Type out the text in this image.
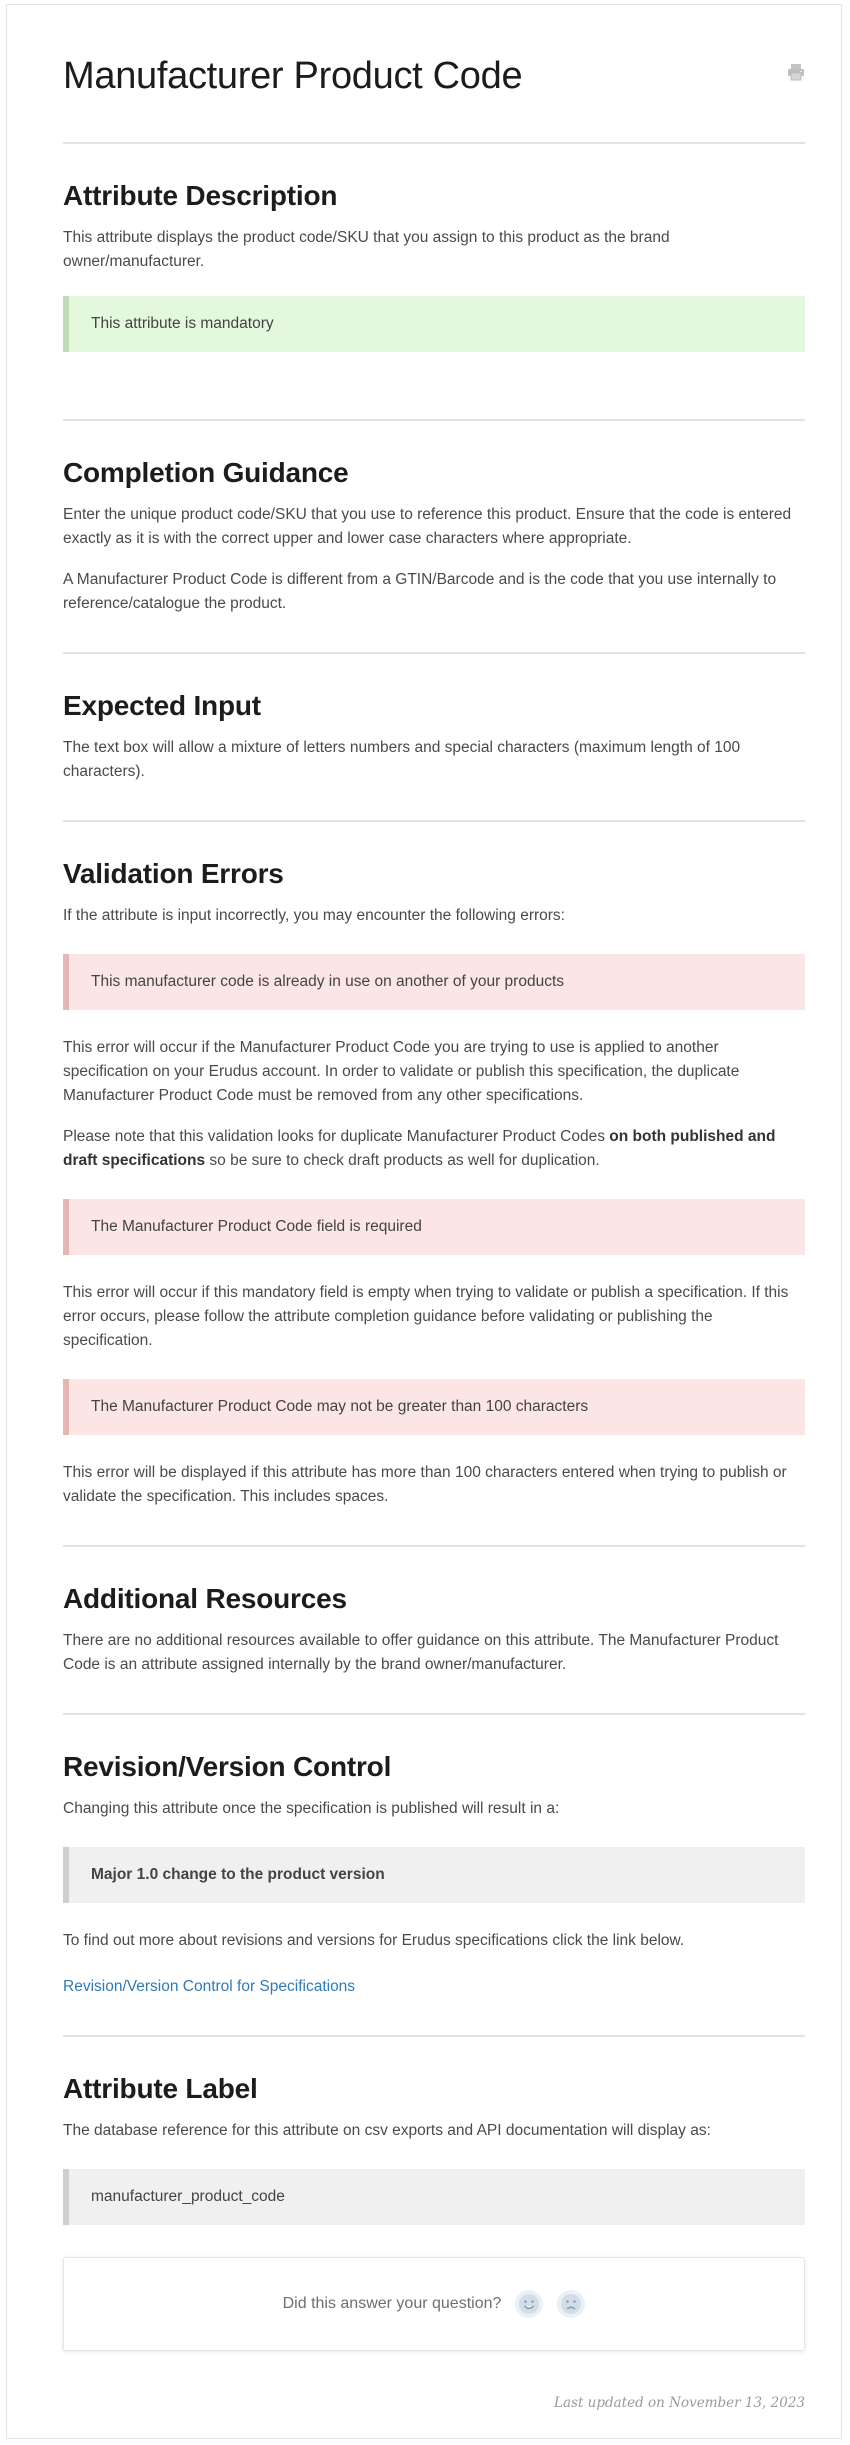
Manufacturer Product Code
Attribute Description

This attribute displays the product code/SKU that you assign to this product as the brand owner/manufacturer.

This attribute is mandatory
Completion Guidance

Enter the unique product code/SKU that you use to reference this product. Ensure that the code is entered exactly as it is with the correct upper and lower case characters where appropriate.

A Manufacturer Product Code is different from a GTIN/Barcode and is the code that you use internally to reference/catalogue the product.

Expected Input

The text box will allow a mixture of letters numbers and special characters (maximum length of 100 characters).

Validation Errors

If the attribute is input incorrectly, you may encounter the following errors:

This manufacturer code is already in use on another of your products

This error will occur if the Manufacturer Product Code you are trying to use is applied to another specification on your Erudus account. In order to validate or publish this specification, the duplicate Manufacturer Product Code must be removed from any other specifications.

Please note that this validation looks for duplicate Manufacturer Product Codes on both published and draft specifications so be sure to check draft products as well for duplication.

The Manufacturer Product Code field is required

This error will occur if this mandatory field is empty when trying to validate or publish a specification. If this error occurs, please follow the attribute completion guidance before validating or publishing the specification.

The Manufacturer Product Code may not be greater than 100 characters

This error will be displayed if this attribute has more than 100 characters entered when trying to publish or validate the specification. This includes spaces.

Additional Resources

There are no additional resources available to offer guidance on this attribute. The Manufacturer Product Code is an attribute assigned internally by the brand owner/manufacturer.

Revision/Version Control

Changing this attribute once the specification is published will result in a:

Major 1.0 change to the product version

To find out more about revisions and versions for Erudus specifications click the link below.

Revision/Version Control for Specifications

Attribute Label

The database reference for this attribute on csv exports and API documentation will display as:

manufacturer_product_code
Did this answer your question?
Last updated on November 13, 2023
